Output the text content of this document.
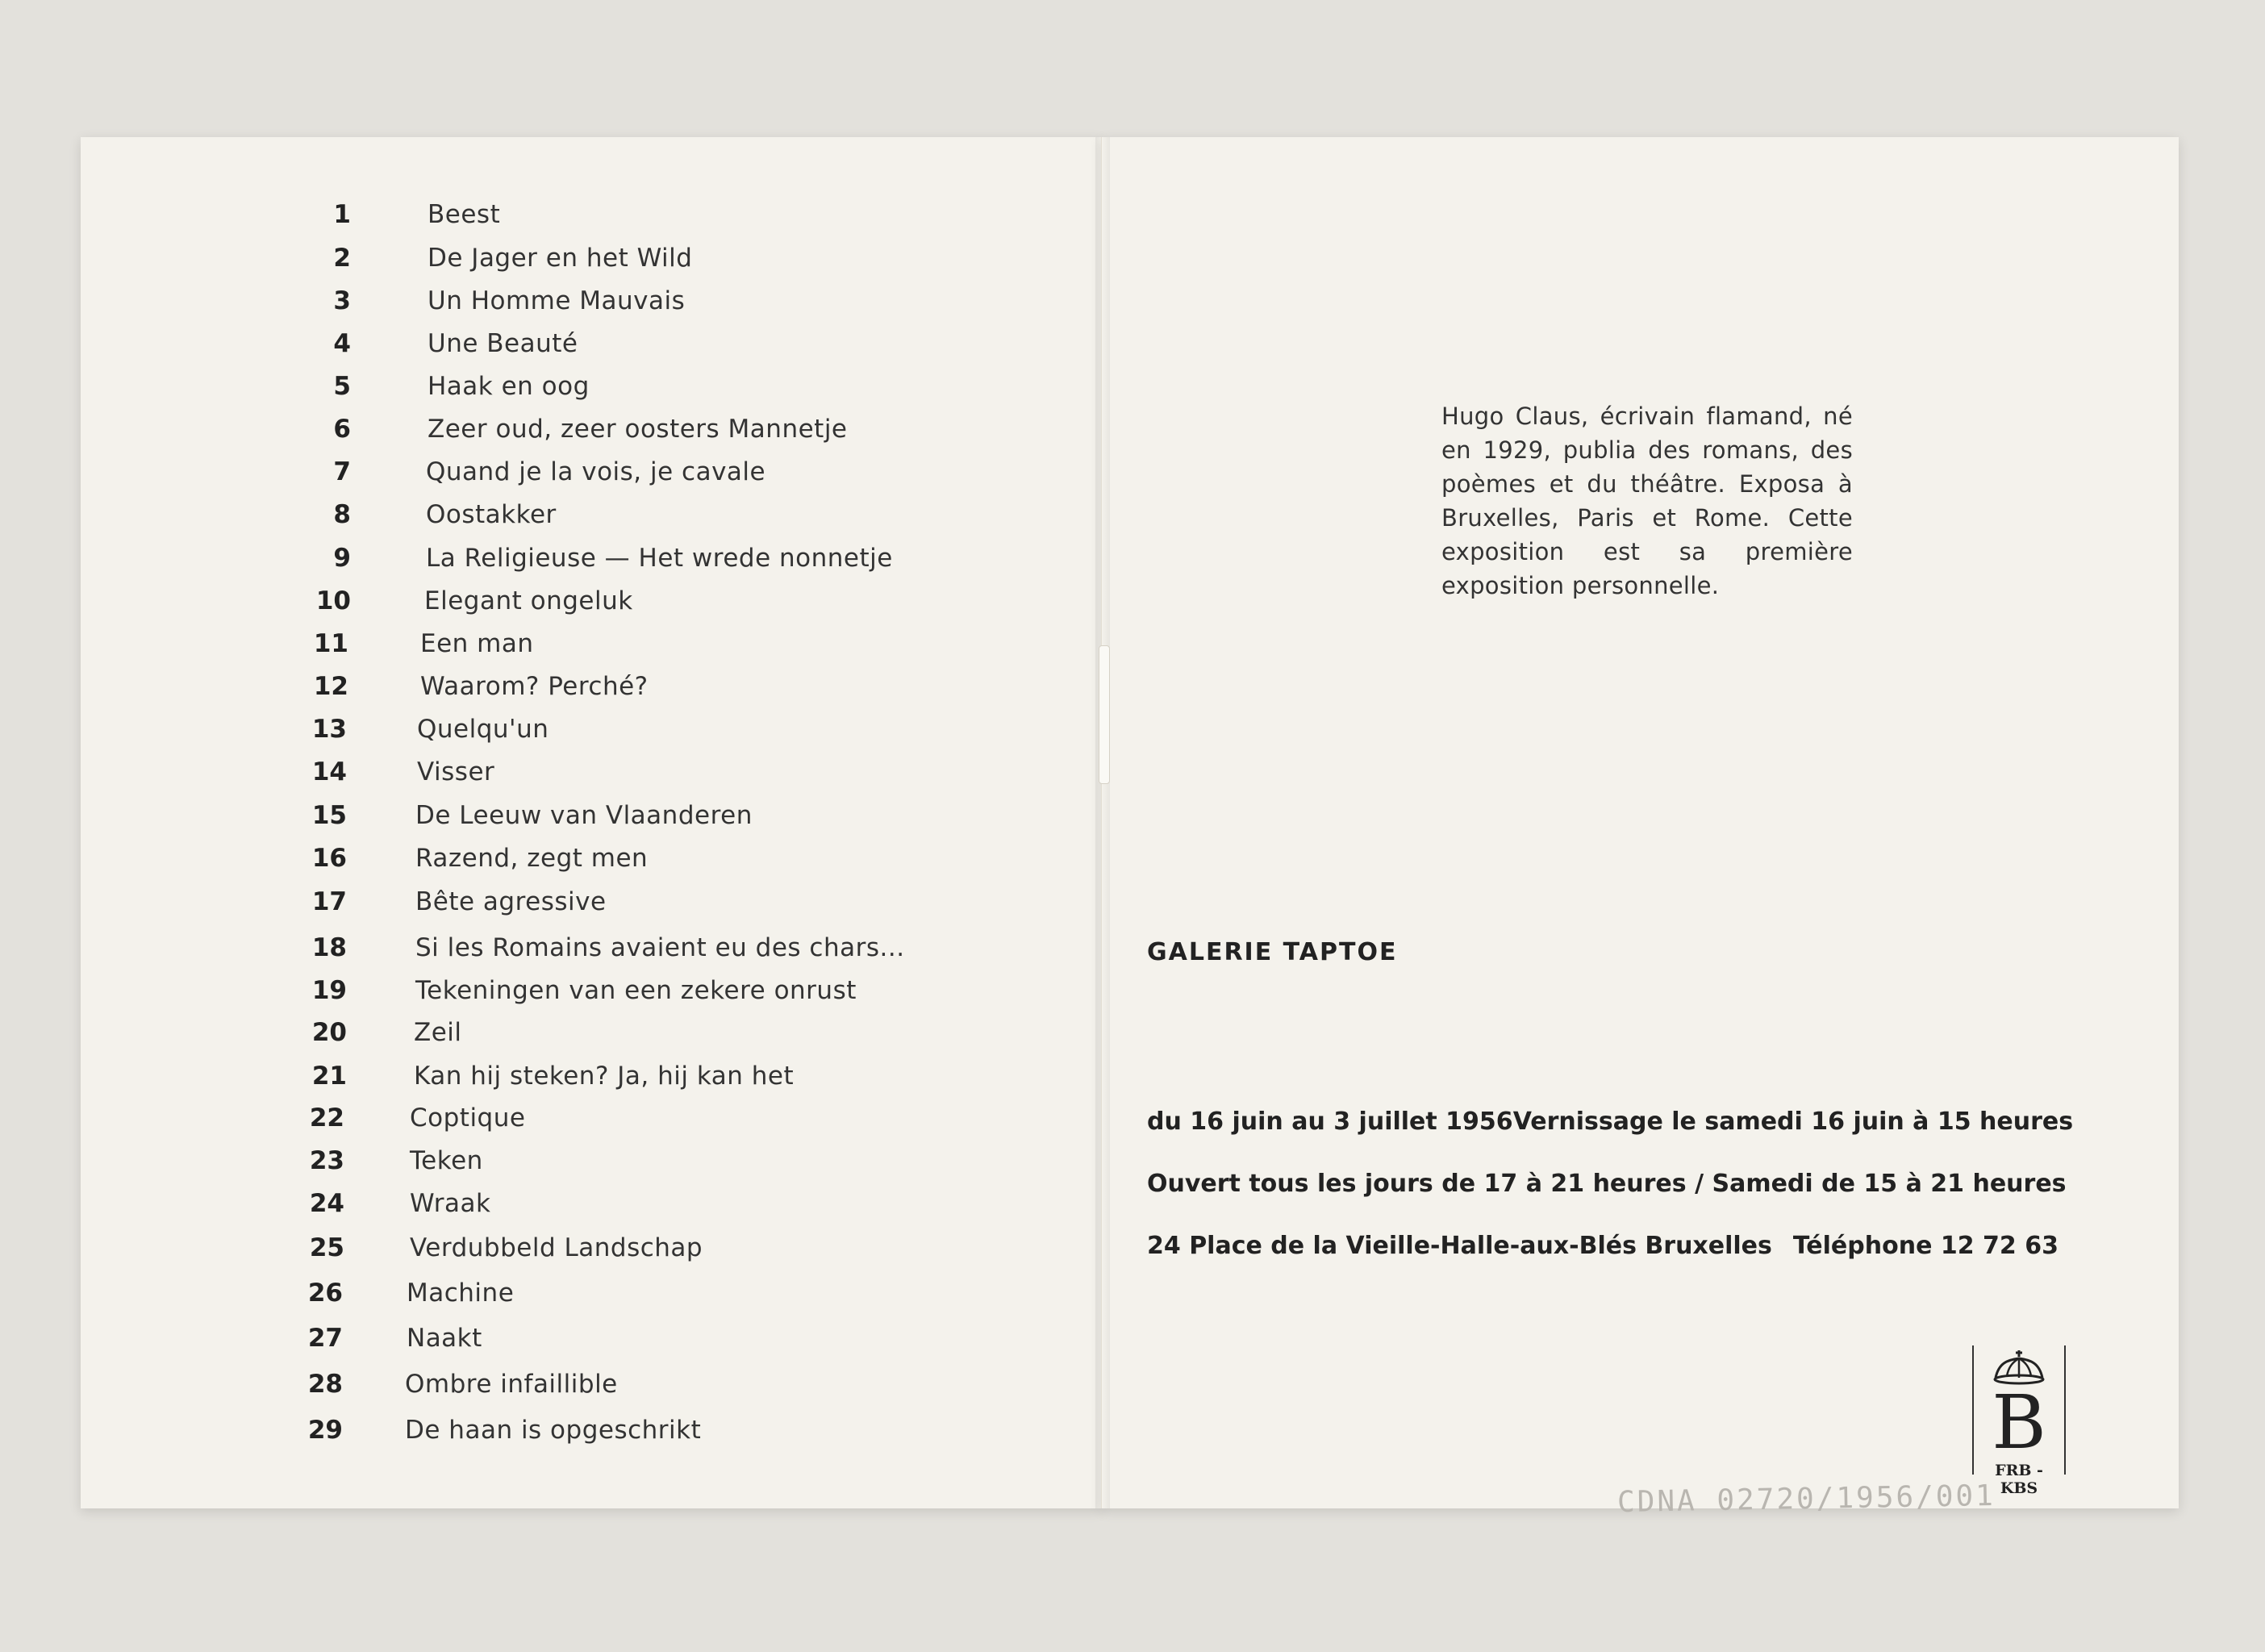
1	Beest
2	De Jager en het Wild
3	Un Homme Mauvais
4	Une Beauté
5	Haak en oog
6	Zeer oud, zeer oosters Mannetje
7	Quand je la vois, je cavale
8	Oostakker
9	La Religieuse — Het wrede nonnetje
10	Elegant ongeluk
11	Een man
12	Waarom? Perché?
13	Quelqu'un
14	Visser
15	De Leeuw van Vlaanderen
16	Razend, zegt men
17	Bête agressive
18	Si les Romains avaient eu des chars...
19	Tekeningen van een zekere onrust
20	Zeil
21	Kan hij steken? Ja, hij kan het
22	Coptique
23	Teken
24	Wraak
25	Verdubbeld Landschap
26	Machine
27	Naakt
28 Ombre infaillible
29 De haan is opgeschrikt
Hugo Claus, écrivain flamand, né en 1929, publia des romans, des poèmes et du théâtre. Exposa à Bruxelles, Paris et Rome. Cette exposition est sa première exposition personnelle.
GALERIE TAPTOE
du 16 juin au 3 juillet 1956 Vernissage le samedi 16 juin à 15 heures
Ouvert tous les jours de 17 à 21 heures / Samedi de 15 à 21 heures
24 Place de la Vieille-Halle-aux-Blés Bruxelles Téléphone 12 72 63
B
FRB - KBS
CDNA 02720/1956/001
